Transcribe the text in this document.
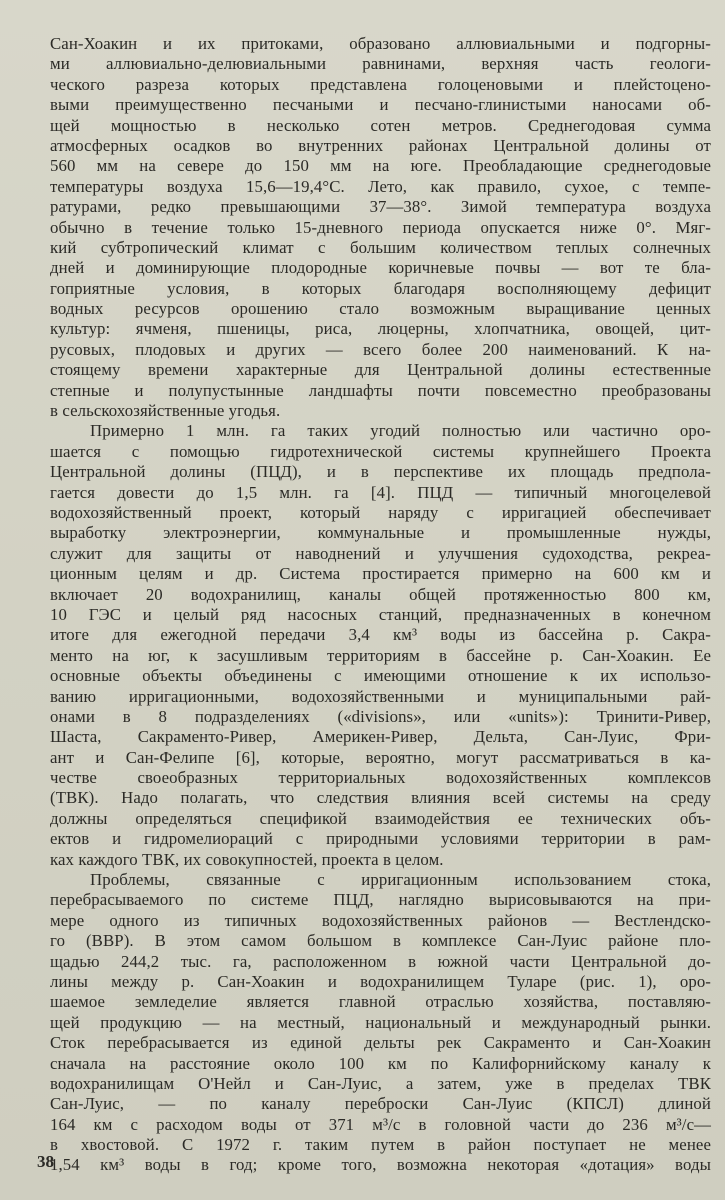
Сан-Хоакин и их притоками, образовано аллювиальными и подгорны-
ми аллювиально-делювиальными равнинами, верхняя часть геологи-
ческого разреза которых представлена голоценовыми и плейстоцено-
выми преимущественно песчаными и песчано-глинистыми наносами об-
щей мощностью в несколько сотен метров. Среднегодовая сумма
атмосферных осадков во внутренних районах Центральной долины от
560 мм на севере до 150 мм на юге. Преобладающие среднегодовые
температуры воздуха 15,6—19,4°С. Лето, как правило, сухое, с темпе-
ратурами, редко превышающими 37—38°. Зимой температура воздуха
обычно в течение только 15-дневного периода опускается ниже 0°. Мяг-
кий субтропический климат с большим количеством теплых солнечных
дней и доминирующие плодородные коричневые почвы — вот те бла-
гоприятные условия, в которых благодаря восполняющему дефицит
водных ресурсов орошению стало возможным выращивание ценных
культур: ячменя, пшеницы, риса, люцерны, хлопчатника, овощей, цит-
русовых, плодовых и других — всего более 200 наименований. К на-
стоящему времени характерные для Центральной долины естественные
степные и полупустынные ландшафты почти повсеместно преобразованы
в сельскохозяйственные угодья.
Примерно 1 млн. га таких угодий полностью или частично оро-
шается с помощью гидротехнической системы крупнейшего Проекта
Центральной долины (ПЦД), и в перспективе их площадь предпола-
гается довести до 1,5 млн. га [4]. ПЦД — типичный многоцелевой
водохозяйственный проект, который наряду с ирригацией обеспечивает
выработку электроэнергии, коммунальные и промышленные нужды,
служит для защиты от наводнений и улучшения судоходства, рекреа-
ционным целям и др. Система простирается примерно на 600 км и
включает 20 водохранилищ, каналы общей протяженностью 800 км,
10 ГЭС и целый ряд насосных станций, предназначенных в конечном
итоге для ежегодной передачи 3,4 км³ воды из бассейна р. Сакра-
менто на юг, к засушливым территориям в бассейне р. Сан-Хоакин. Ее
основные объекты объединены с имеющими отношение к их использо-
ванию ирригационными, водохозяйственными и муниципальными рай-
онами в 8 подразделениях («divisions», или «units»): Тринити-Ривер,
Шаста, Сакраменто-Ривер, Америкен-Ривер, Дельта, Сан-Луис, Фри-
ант и Сан-Фелипе [6], которые, вероятно, могут рассматриваться в ка-
честве своеобразных территориальных водохозяйственных комплексов
(ТВК). Надо полагать, что следствия влияния всей системы на среду
должны определяться спецификой взаимодействия ее технических объ-
ектов и гидромелиораций с природными условиями территории в рам-
ках каждого ТВК, их совокупностей, проекта в целом.
Проблемы, связанные с ирригационным использованием стока,
перебрасываемого по системе ПЦД, наглядно вырисовываются на при-
мере одного из типичных водохозяйственных районов — Вестлендско-
го (ВВР). В этом самом большом в комплексе Сан-Луис районе пло-
щадью 244,2 тыс. га, расположенном в южной части Центральной до-
лины между р. Сан-Хоакин и водохранилищем Туларе (рис. 1), оро-
шаемое земледелие является главной отраслью хозяйства, поставляю-
щей продукцию — на местный, национальный и международный рынки.
Сток перебрасывается из единой дельты рек Сакраменто и Сан-Хоакин
сначала на расстояние около 100 км по Калифорнийскому каналу к
водохранилищам О'Нейл и Сан-Луис, а затем, уже в пределах ТВК
Сан-Луис, — по каналу переброски Сан-Луис (КПСЛ) длиной
164 км с расходом воды от 371 м³/с в головной части до 236 м³/с—
в хвостовой. С 1972 г. таким путем в район поступает не менее
1,54 км³ воды в год; кроме того, возможна некоторая «дотация» воды
38
